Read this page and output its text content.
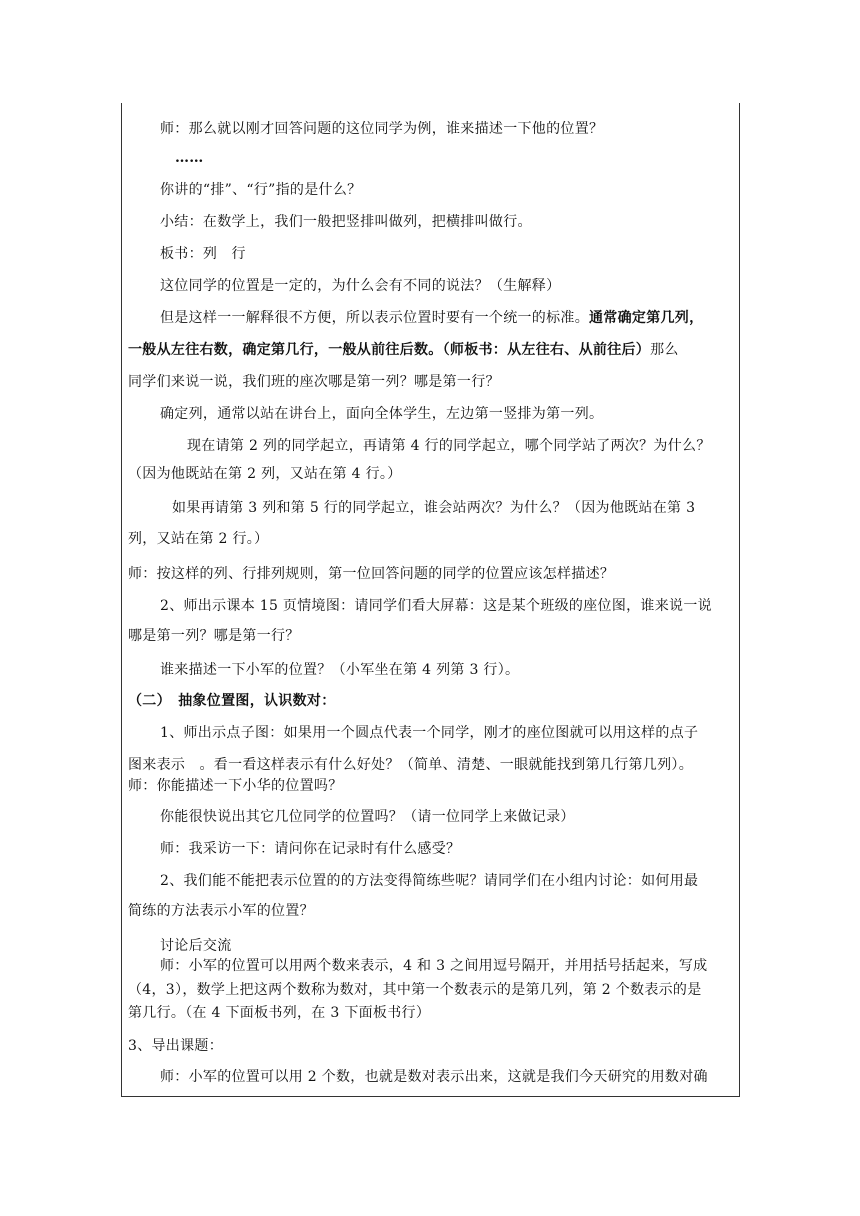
师：那么就以刚才回答问题的这位同学为例，谁来描述一下他的位置？
……
你讲的“排”、“行”指的是什么？
小结：在数学上，我们一般把竖排叫做列，把横排叫做行。
板书：列　行
这位同学的位置是一定的，为什么会有不同的说法？（生解释）
但是这样一一解释很不方便，所以表示位置时要有一个统一的标准。通常确定第几列，
一般从左往右数，确定第几行，一般从前往后数。（师板书：从左往右、从前往后）那么
同学们来说一说，我们班的座次哪是第一列？哪是第一行？
确定列，通常以站在讲台上，面向全体学生，左边第一竖排为第一列。
现在请第 2 列的同学起立，再请第 4 行的同学起立，哪个同学站了两次？为什么？
（因为他既站在第 2 列，又站在第 4 行。）
如果再请第 3 列和第 5 行的同学起立，谁会站两次？为什么？（因为他既站在第 3
列，又站在第 2 行。）
师：按这样的列、行排列规则，第一位回答问题的同学的位置应该怎样描述？
2、师出示课本 15 页情境图：请同学们看大屏幕：这是某个班级的座位图，谁来说一说
哪是第一列？哪是第一行？
谁来描述一下小军的位置？（小军坐在第 4 列第 3 行）。
（二）　抽象位置图，认识数对：
1、师出示点子图：如果用一个圆点代表一个同学，刚才的座位图就可以用这样的点子
图来表示　。看一看这样表示有什么好处？（简单、清楚、一眼就能找到第几行第几列）。
师：你能描述一下小华的位置吗？
你能很快说出其它几位同学的位置吗？（请一位同学上来做记录）
师：我采访一下：请问你在记录时有什么感受？
2、我们能不能把表示位置的的方法变得简练些呢？请同学们在小组内讨论：如何用最
简练的方法表示小军的位置？
讨论后交流
师：小军的位置可以用两个数来表示，4 和 3 之间用逗号隔开，并用括号括起来，写成
（4，3），数学上把这两个数称为数对，其中第一个数表示的是第几列，第 2 个数表示的是
第几行。（在 4 下面板书列，在 3 下面板书行）
3、导出课题：
师：小军的位置可以用 2 个数，也就是数对表示出来，这就是我们今天研究的用数对确
